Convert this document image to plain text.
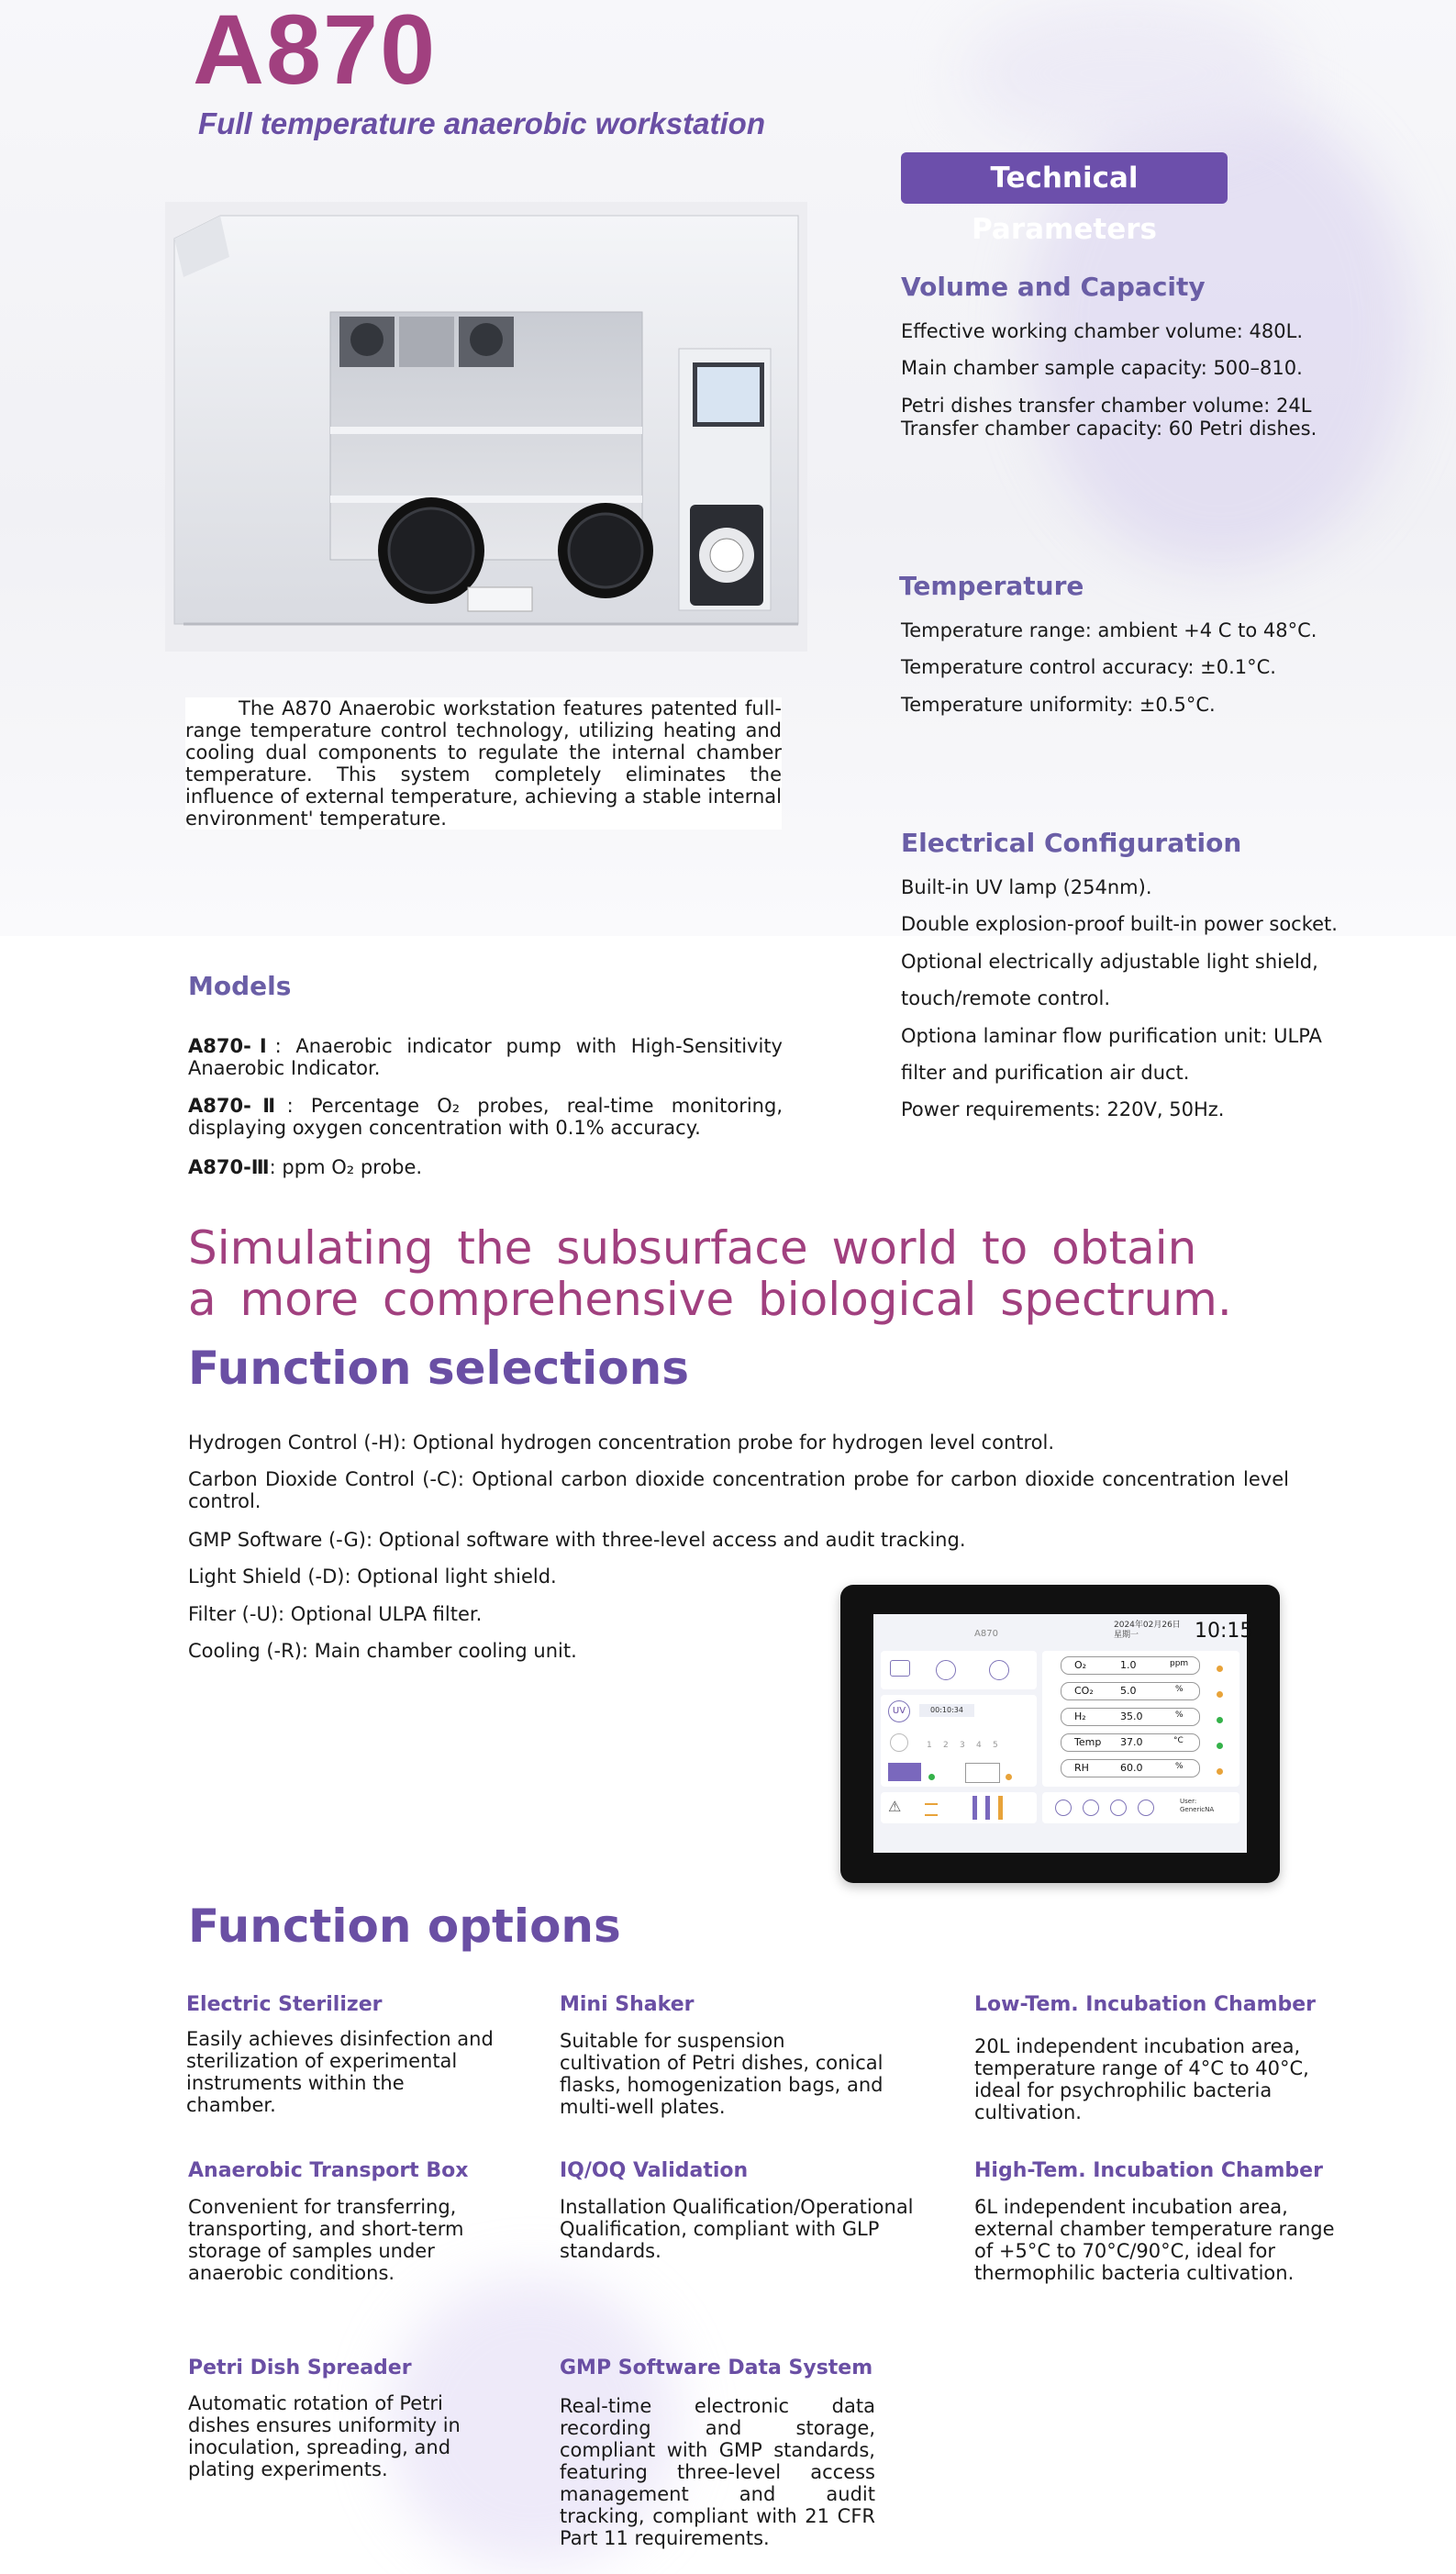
A870
Full temperature anaerobic workstation
Technical Parameters

The A870 Anaerobic workstation features patented full-range temperature control technology, utilizing heating and cooling dual components to regulate the internal chamber temperature. This system completely eliminates the influence of external temperature, achieving a stable internal environment' temperature.

Volume and Capacity

Effective working chamber volume: 480L.

Main chamber sample capacity: 500–810.

Petri dishes transfer chamber volume: 24L

Transfer chamber capacity: 60 Petri dishes.

Temperature

Temperature range: ambient +4 C to 48°C.

Temperature control accuracy: ±0.1°C.

Temperature uniformity: ±0.5°C.

Electrical Configuration

Built-in UV lamp (254nm).

Double explosion-proof built-in power socket.

Optional electrically adjustable light shield,

touch/remote control.

Optiona laminar flow purification unit: ULPA

filter and purification air duct.

Power requirements: 220V, 50Hz.

Models

A870-Ⅰ: Anaerobic indicator pump with High-Sensitivity Anaerobic Indicator.

A870-Ⅱ: Percentage O₂ probes, real-time monitoring, displaying oxygen concentration with 0.1% accuracy.

A870-Ⅲ: ppm O₂ probe.

Simulating the subsurface world to obtain a more comprehensive biological spectrum.

Function selections

Hydrogen Control (-H): Optional hydrogen concentration probe for hydrogen level control.

Carbon Dioxide Control (-C): Optional carbon dioxide concentration probe for carbon dioxide concentration level control.

GMP Software (-G): Optional software with three-level access and audit tracking.

Light Shield (-D): Optional light shield.

Filter (-U): Optional ULPA filter.

Cooling (-R): Main chamber cooling unit.

A870
2024年02月26日
星期一	10:15
UV	00:10:34
1 2 3 4 5
⚠
O₂	1.0	ppm
CO₂	5.0	%
H₂	35.0	%
Temp 37.0	°C
RH	60.0	%
User:
GenericNA
Function options
Electric Sterilizer

Easily achieves disinfection and sterilization of experimental instruments within the chamber.

Mini Shaker

Suitable for suspension cultivation of Petri dishes, conical flasks, homogenization bags, and multi-well plates.

Low-Tem. Incubation Chamber

20L independent incubation area, temperature range of 4°C to 40°C, ideal for psychrophilic bacteria cultivation.

Anaerobic Transport Box

Convenient for transferring, transporting, and short-term storage of samples under anaerobic conditions.

IQ/OQ Validation

Installation Qualification/Operational Qualification, compliant with GLP standards.

High-Tem. Incubation Chamber

6L independent incubation area, external chamber temperature range of +5°C to 70°C/90°C, ideal for thermophilic bacteria cultivation.

Petri Dish Spreader

Automatic rotation of Petri dishes ensures uniformity in inoculation, spreading, and plating experiments.

GMP Software Data System

Real-time electronic data recording and storage, compliant with GMP standards, featuring three-level access management and audit tracking, compliant with 21 CFR Part 11 requirements.
